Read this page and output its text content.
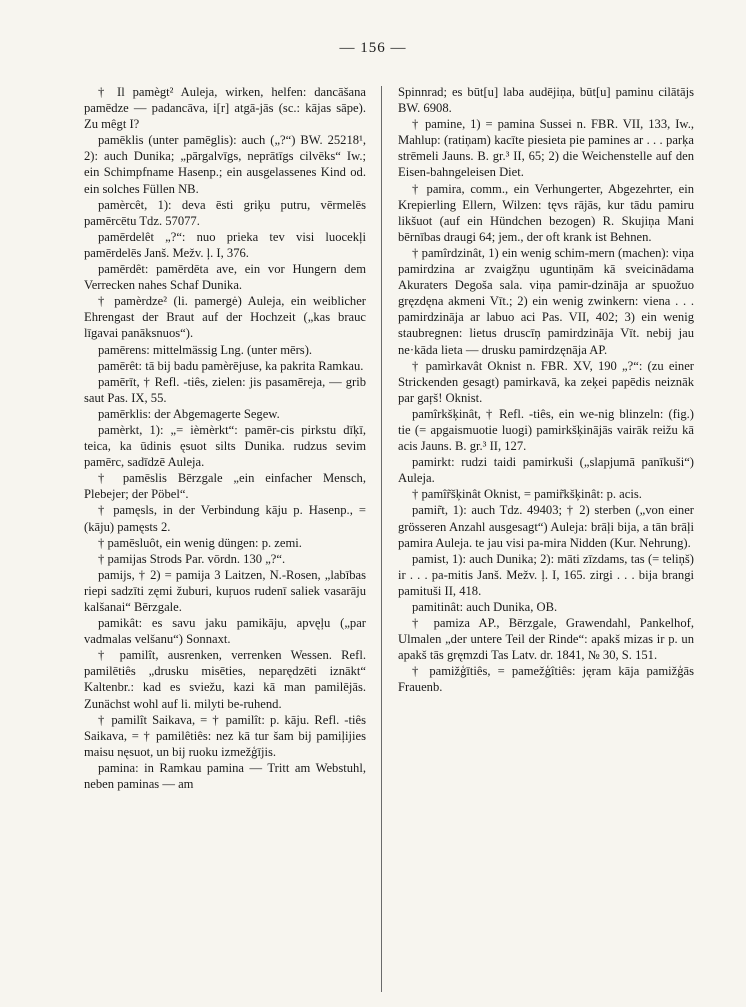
— 156 —

† Il pamègt² Auleja, wirken, helfen: dancāšana pamēdze — padancāva, i[r] atgā-jās (sc.: kājas sāpe). Zu mêgt I?

pamēklis (unter pamēglis): auch („?“) BW. 25218¹, 2): auch Dunika; „pārgalvīgs, neprātīgs cilvēks“ Iw.; ein Schimpfname Hasenp.; ein ausgelassenes Kind od. ein solches Füllen NB.

pamèrcêt, 1): deva ēsti griķu putru, vērmelēs pamērcētu Tdz. 57077.

pamērdelêt „?“: nuo prieka tev visi luocekļi pamērdelēs Janš. Mežv. ļ. I, 376.

pamērdêt: pamērdēta ave, ein vor Hungern dem Verrecken nahes Schaf Dunika.

† pamèrdze² (li. pamergė) Auleja, ein weiblicher Ehrengast der Braut auf der Hochzeit („kas brauc līgavai panāksnuos“).

pamērens: mittelmässig Lng. (unter mērs).

pamērêt: tā bij badu pamèrējuse, ka pakrita Ramkau.

pamērīt, † Refl. -tiês, zielen: jis pasamēreja, — grib saut Pas. IX, 55.

pamērklis: der Abgemagerte Segew.

pamèrkt, 1): „= ièmèrkt“: pamēr-cis pirkstu dīķī, teica, ka ūdinis ęsuot silts Dunika. rudzus sevim pamērc, sadīdzē Auleja.

† pamēslis Bērzgale „ein einfacher Mensch, Plebejer; der Pöbel“.

† pamęsls, in der Verbindung kāju p. Hasenp., = (kāju) pamęsts 2.

† pamēsluôt, ein wenig düngen: p. zemi.

† pamijas Strods Par. vōrdn. 130 „?“.

pamijs, † 2) = pamija 3 Laitzen, N.-Rosen, „labības riepi sadzīti zęmi žuburi, kuŗuos rudenī saliek vasarāju kalšanai“ Bērzgale.

pamikât: es savu jaku pamikāju, apvęļu („par vadmalas velšanu“) Sonnaxt.

† pamilît, ausrenken, verrenken Wessen. Refl. pamilētiês „drusku misēties, neparędzēti iznākt“ Kaltenbr.: kad es sviežu, kazi kā man pamilējās. Zunächst wohl auf li. milyti be-ruhend.

† pamilît Saikava, = † pamilît: p. kāju. Refl. -tiês Saikava, = † pamilêtiês: nez kā tur šam bij pamiļijies maisu nęsuot, un bij ruoku izmežģījis.

pamina: in Ramkau pamina — Tritt am Webstuhl, neben paminas — am

Spinnrad; es būt[u] laba audējiņa, būt[u] paminu cilātājs BW. 6908.

† pamine, 1) = pamina Sussei n. FBR. VII, 133, Iw., Mahlup: (ratiņam) kacīte piesieta pie pamines ar . . . parķa strēmeli Jauns. B. gr.³ II, 65; 2) die Weichenstelle auf den Eisen-bahngeleisen Diet.

† pamira, comm., ein Verhungerter, Abgezehrter, ein Krepierling Ellern, Wilzen: tęvs rājās, kur tādu pamiru likšuot (auf ein Hündchen bezogen) R. Skujiņa Mani bērnības draugi 64; jem., der oft krank ist Behnen.

† pamîrdzinât, 1) ein wenig schim-mern (machen): viņa pamirdzina ar zvaigžņu uguntiņām kā sveicinādama Akuraters Degoša sala. viņa pamir-dzināja ar spuožuo gręzdęna akmeni Vīt.; 2) ein wenig zwinkern: viena . . . pamirdzināja ar labuo aci Pas. VII, 402; 3) ein wenig staubregnen: lietus druscīņ pamirdzināja Vīt. nebij jau ne·kāda lieta — drusku pamirdzęnāja AP.

† pamìrkavât Oknist n. FBR. XV, 190 „?“: (zu einer Strickenden gesagt) pamirkavā, ka zeķei papēdis neiznāk par gaŗš! Oknist.

pamîrkšķinât, † Refl. -tiês, ein we-nig blinzeln: (fig.) tie (= apgaismuotie luogi) pamirkšķinājās vairāk reižu kā acis Jauns. B. gr.³ II, 127.

pamirkt: rudzi taidi pamirkuši („slapjumā panīkuši“) Auleja.

† pamîr̃šķinât Oknist, = pamir̃kšķinât: p. acis.

pamir̃t, 1): auch Tdz. 49403; † 2) sterben („von einer grösseren Anzahl ausgesagt“) Auleja: brāļi bija, a tān brāļi pamira Auleja. te jau visi pa-mira Nidden (Kur. Nehrung).

pamist, 1): auch Dunika; 2): māti zīzdams, tas (= teliņš) ir . . . pa-mitis Janš. Mežv. ļ. I, 165. zirgi . . . bija brangi pamituši II, 418.

pamitinât: auch Dunika, OB.

† pamiza AP., Bērzgale, Grawendahl, Pankelhof, Ulmalen „der untere Teil der Rinde“: apakš mizas ir p. un apakš tās gręmzdi Tas Latv. dr. 1841, № 30, S. 151.

† pamižģītiês, = pamežģîtiês: jęram kāja pamižģās Frauenb.
